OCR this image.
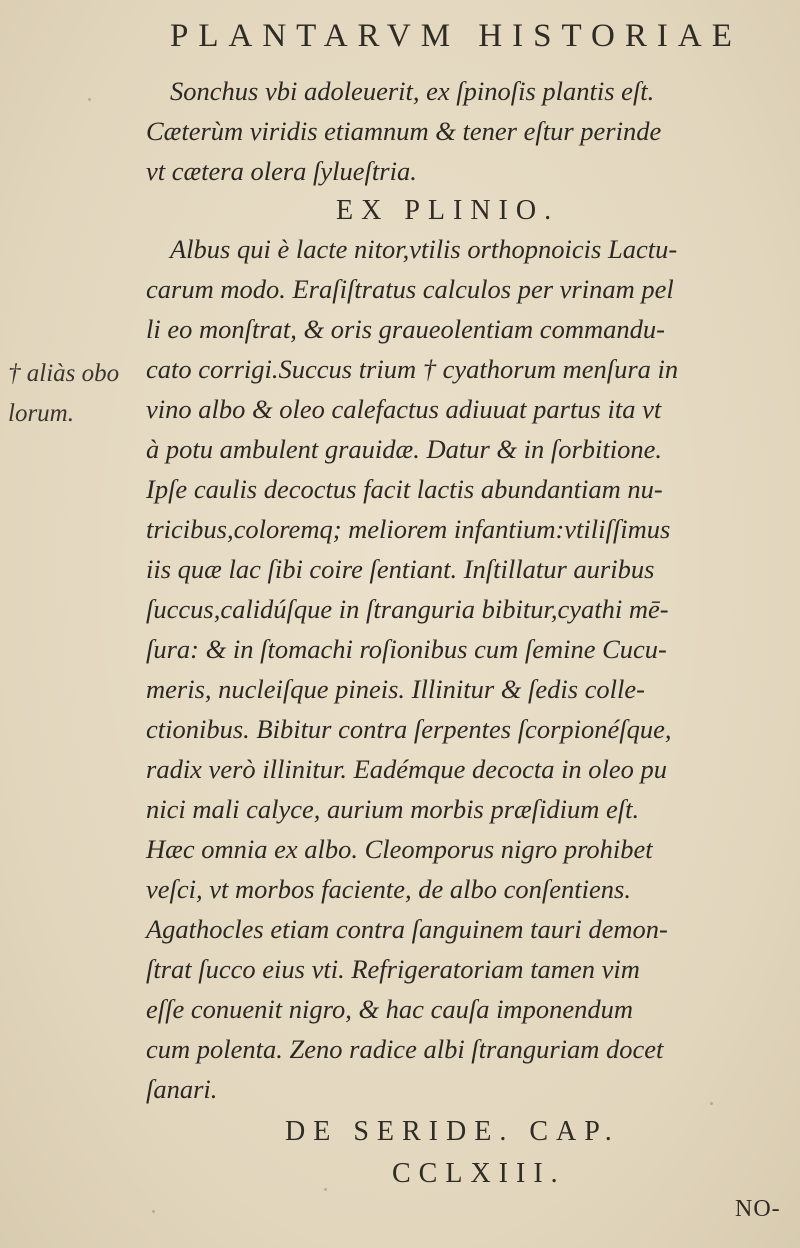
PLANTARVM HISTORIAE
Sonchus vbi adoleuerit, ex ſpinoſis plantis eſt.
Cæterùm viridis etiamnum & tener eſtur perinde
vt cætera olera ſylueſtria.
EX PLINIO.
Albus qui è lacte nitor,vtilis orthopnoicis Lactu-
carum modo. Eraſiſtratus calculos per vrinam pel
li eo monſtrat, & oris graueolentiam commandu-
cato corrigi.Succus trium † cyathorum menſura in
vino albo & oleo calefactus adiuuat partus ita vt
à potu ambulent grauidæ. Datur & in ſorbitione.
Ipſe caulis decoctus facit lactis abundantiam nu-
tricibus,coloremq; meliorem infantium:vtiliſſimus
iis quæ lac ſibi coire ſentiant. Inſtillatur auribus
ſuccus,calidúſque in ſtranguria bibitur,cyathi mē-
ſura: & in ſtomachi roſionibus cum ſemine Cucu-
meris, nucleiſque pineis. Illinitur & ſedis colle-
ctionibus. Bibitur contra ſerpentes ſcorpionéſque,
radix verò illinitur. Eadémque decocta in oleo pu
nici mali calyce, aurium morbis præſidium eſt.
Hæc omnia ex albo. Cleomporus nigro prohibet
veſci, vt morbos faciente, de albo conſentiens.
Agathocles etiam contra ſanguinem tauri demon-
ſtrat ſucco eius vti. Refrigeratoriam tamen vim
eſſe conuenit nigro, & hac cauſa imponendum
cum polenta. Zeno radice albi ſtranguriam docet
ſanari.
† aliàs obo
lorum.
DE SERIDE. CAP.
CCLXIII.
NO-
